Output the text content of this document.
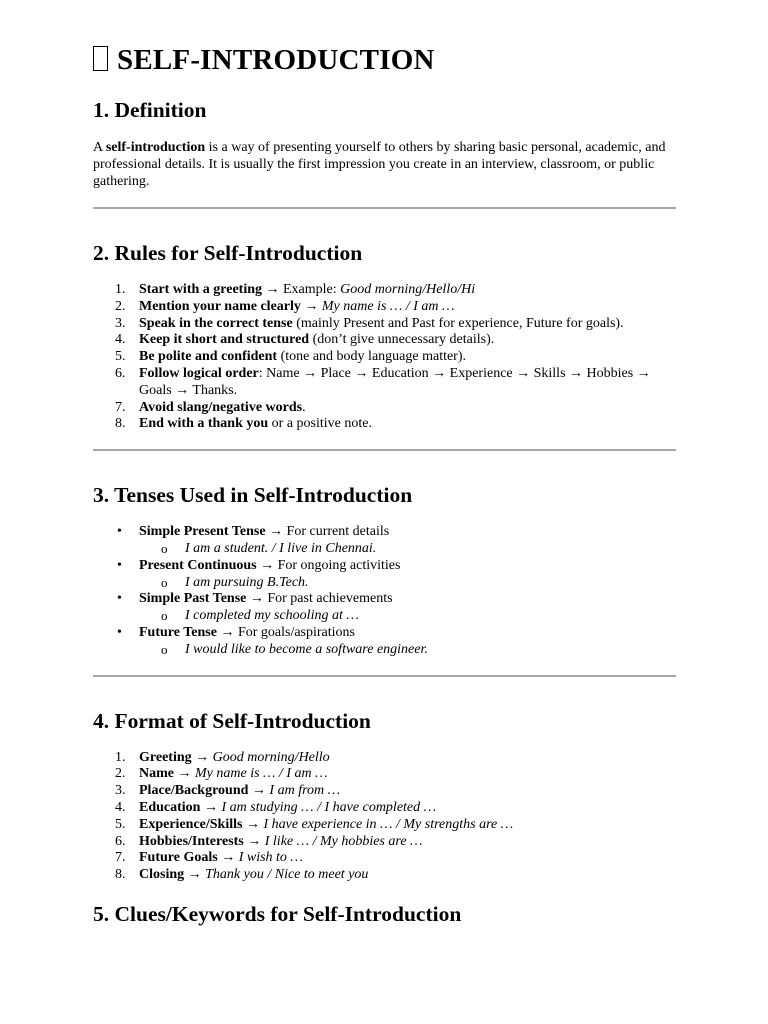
SELF-INTRODUCTION
1. Definition

A self-introduction is a way of presenting yourself to others by sharing basic personal, academic, and professional details. It is usually the first impression you create in an interview, classroom, or public gathering.

2. Rules for Self-Introduction
1. Start with a greeting → Example: Good morning/Hello/Hi
2. Mention your name clearly → My name is … / I am …
3. Speak in the correct tense (mainly Present and Past for experience, Future for goals).
4. Keep it short and structured (don’t give unnecessary details).
5. Be polite and confident (tone and body language matter).
6. Follow logical order: Name → Place → Education → Experience → Skills → Hobbies → Goals → Thanks.
7. Avoid slang/negative words.
8. End with a thank you or a positive note.
3. Tenses Used in Self-Introduction
• Simple Present Tense → For current details
o I am a student. / I live in Chennai.
• Present Continuous → For ongoing activities
o I am pursuing B.Tech.
• Simple Past Tense → For past achievements
o I completed my schooling at …
• Future Tense → For goals/aspirations
o I would like to become a software engineer.
4. Format of Self-Introduction
1. Greeting → Good morning/Hello
2. Name → My name is … / I am …
3. Place/Background → I am from …
4. Education → I am studying … / I have completed …
5. Experience/Skills → I have experience in … / My strengths are …
6. Hobbies/Interests → I like … / My hobbies are …
7. Future Goals → I wish to …
8. Closing → Thank you / Nice to meet you
5. Clues/Keywords for Self-Introduction
